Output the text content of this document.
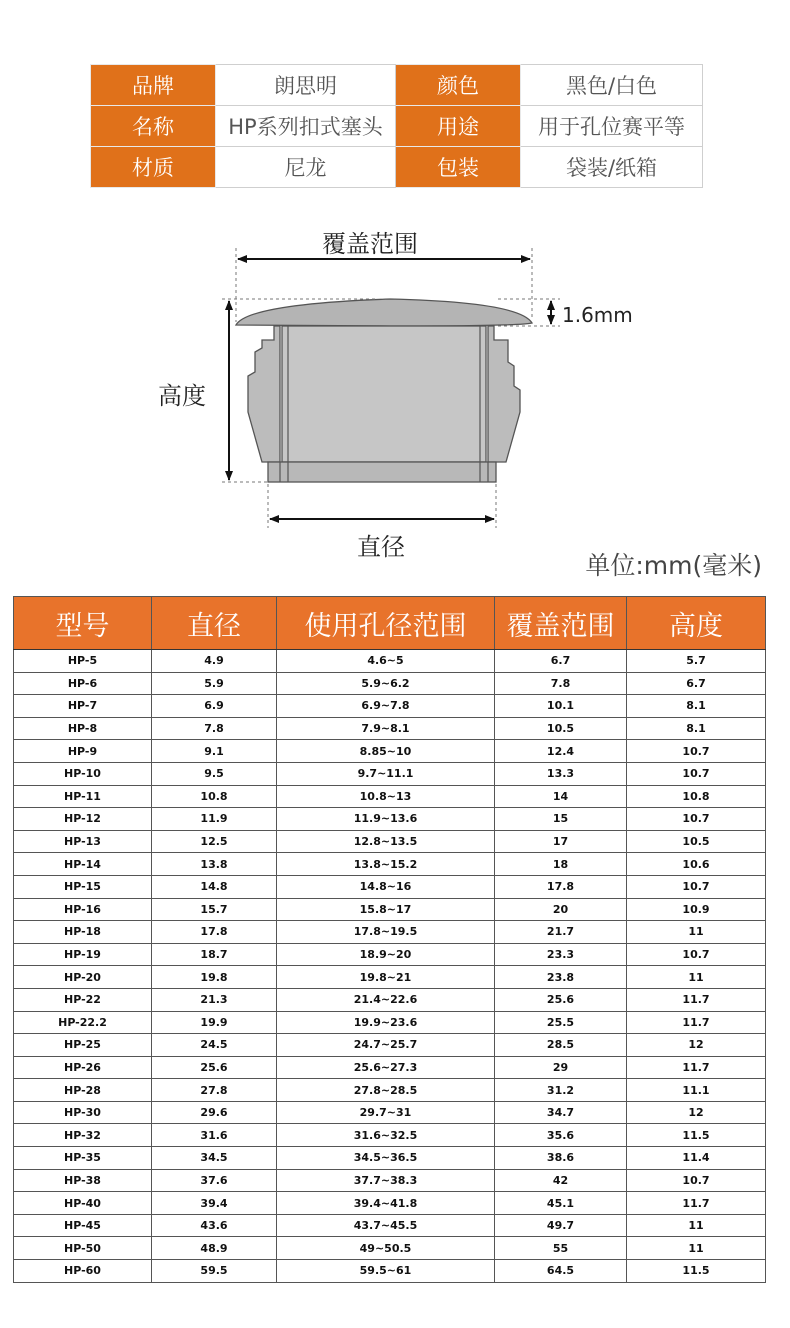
品牌	朗思明	颜色	黑色/白色
名称	HP系列扣式塞头	用途	用于孔位赛平等
材质	尼龙	包装	袋装/纸箱
覆盖范围
1.6mm
高度
直径
单位:mm(毫米)
型号	直径	使用孔径范围	覆盖范围	高度
HP-5	4.9	4.6~5	6.7	5.7
HP-6	5.9	5.9~6.2	7.8	6.7
HP-7	6.9	6.9~7.8	10.1	8.1
HP-8	7.8	7.9~8.1	10.5	8.1
HP-9	9.1	8.85~10	12.4	10.7
HP-10	9.5	9.7~11.1	13.3	10.7
HP-11	10.8	10.8~13	14	10.8
HP-12	11.9	11.9~13.6	15	10.7
HP-13	12.5	12.8~13.5	17	10.5
HP-14	13.8	13.8~15.2	18	10.6
HP-15	14.8	14.8~16	17.8	10.7
HP-16	15.7	15.8~17	20	10.9
HP-18	17.8	17.8~19.5	21.7	11
HP-19	18.7	18.9~20	23.3	10.7
HP-20	19.8	19.8~21	23.8	11
HP-22	21.3	21.4~22.6	25.6	11.7
HP-22.2	19.9	19.9~23.6	25.5	11.7
HP-25	24.5	24.7~25.7	28.5	12
HP-26	25.6	25.6~27.3	29	11.7
HP-28	27.8	27.8~28.5	31.2	11.1
HP-30	29.6	29.7~31	34.7	12
HP-32	31.6	31.6~32.5	35.6	11.5
HP-35	34.5	34.5~36.5	38.6	11.4
HP-38	37.6	37.7~38.3	42	10.7
HP-40	39.4	39.4~41.8	45.1	11.7
HP-45	43.6	43.7~45.5	49.7	11
HP-50	48.9	49~50.5	55	11
HP-60	59.5	59.5~61	64.5	11.5
